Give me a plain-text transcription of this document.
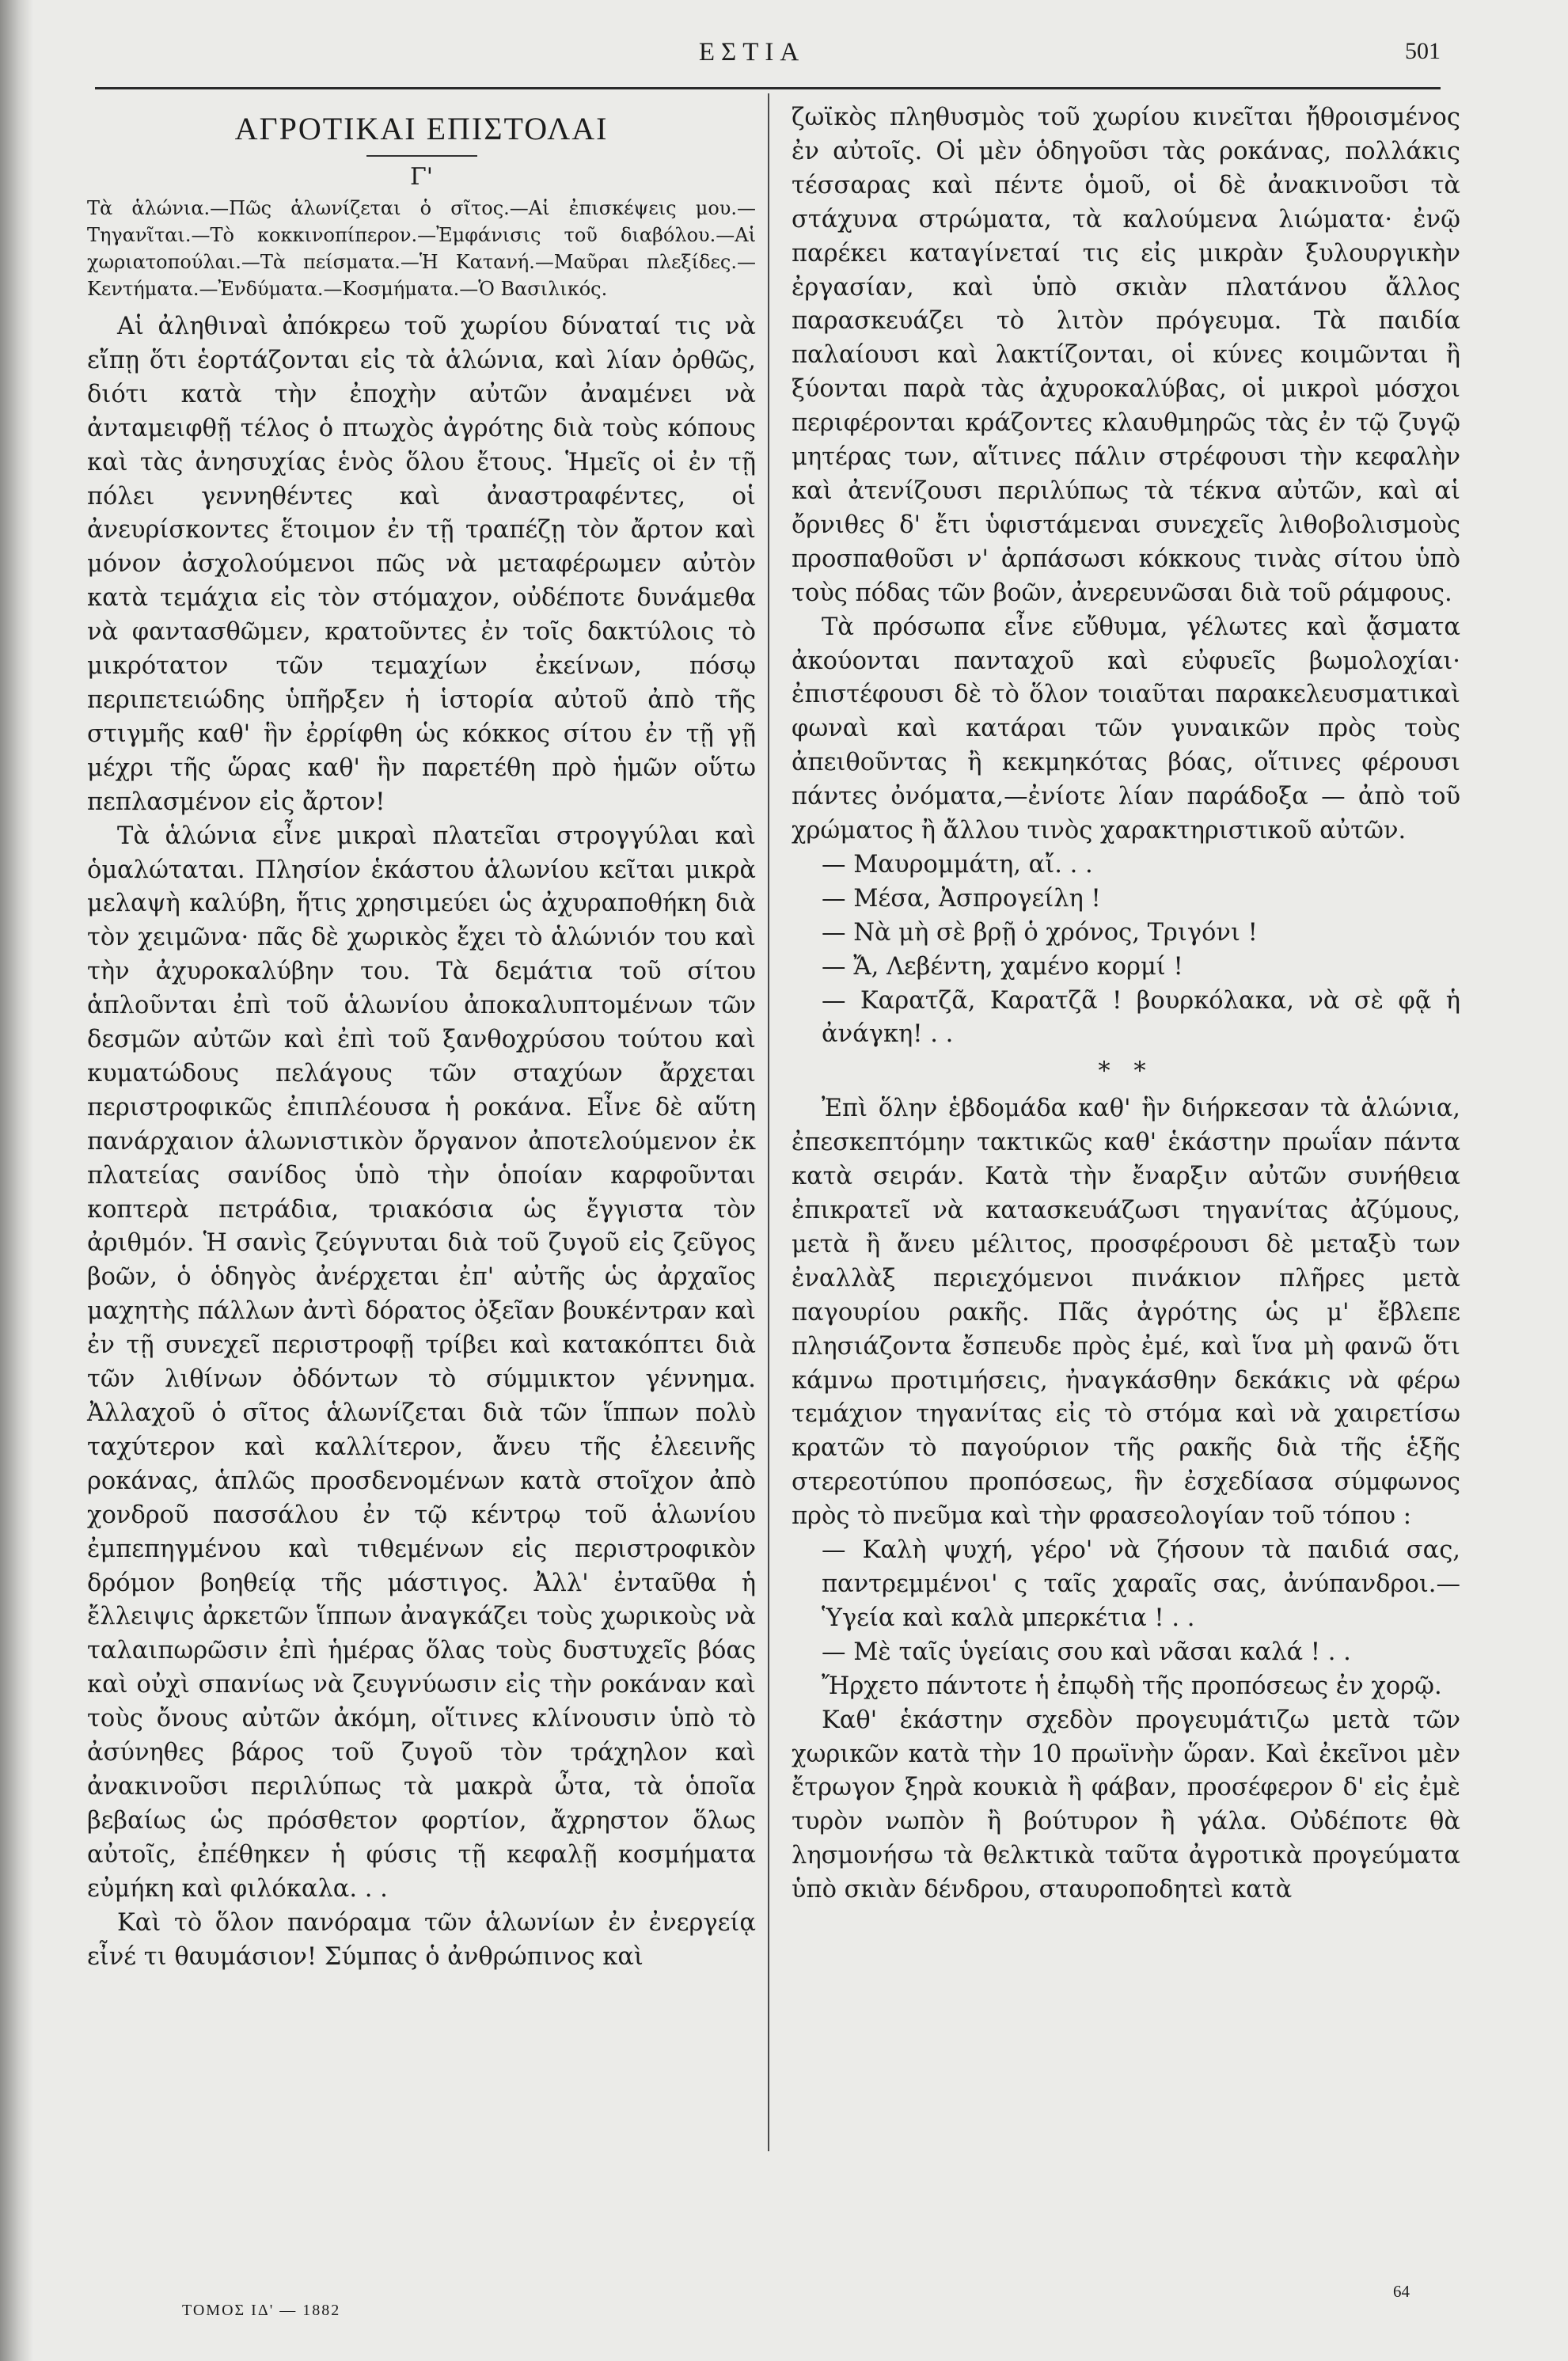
ΕΣΤΙΑ	501
ΑΓΡΟΤΙΚΑΙ ΕΠΙΣΤΟΛΑΙ
Γ'
Τὰ ἁλώνια.—Πῶς ἁλωνίζεται ὁ σῖτος.—Αἱ ἐπισκέψεις μου.—Τηγανῖται.—Τὸ κοκκινοπίπερον.—Ἐμφάνισις τοῦ διαβόλου.—Αἱ χωριατοπούλαι.—Τὰ πείσματα.—Ἡ Κατανή.—Μαῦραι πλεξίδες.—Κεντήματα.—Ἐνδύματα.—Κοσμήματα.—Ὁ Βασιλικός.

Αἱ ἀληθιναὶ ἀπόκρεω τοῦ χωρίου δύναταί τις νὰ εἴπῃ ὅτι ἑορτάζονται εἰς τὰ ἁλώνια, καὶ λίαν ὀρθῶς, διότι κατὰ τὴν ἐποχὴν αὐτῶν ἀναμένει νὰ ἀνταμειφθῇ τέλος ὁ πτωχὸς ἀγρότης διὰ τοὺς κόπους καὶ τὰς ἀνησυχίας ἑνὸς ὅλου ἔτους. Ἡμεῖς οἱ ἐν τῇ πόλει γεννηθέντες καὶ ἀναστραφέντες, οἱ ἀνευρίσκοντες ἕτοιμον ἐν τῇ τραπέζῃ τὸν ἄρτον καὶ μόνον ἀσχολούμενοι πῶς νὰ μεταφέρωμεν αὐτὸν κατὰ τεμάχια εἰς τὸν στόμαχον, οὐδέποτε δυνάμεθα νὰ φαντασθῶμεν, κρατοῦντες ἐν τοῖς δακτύλοις τὸ μικρότατον τῶν τεμαχίων ἐκείνων, πόσῳ περιπετειώδης ὑπῆρξεν ἡ ἱστορία αὐτοῦ ἀπὸ τῆς στιγμῆς καθ' ἣν ἐρρίφθη ὡς κόκκος σίτου ἐν τῇ γῇ μέχρι τῆς ὥρας καθ' ἣν παρετέθη πρὸ ἡμῶν οὕτω πεπλασμένον εἰς ἄρτον!

Τὰ ἁλώνια εἶνε μικραὶ πλατεῖαι στρογγύλαι καὶ ὁμαλώταται. Πλησίον ἑκάστου ἁλωνίου κεῖται μικρὰ μελαψὴ καλύβη, ἥτις χρησιμεύει ὡς ἀχυραποθήκη διὰ τὸν χειμῶνα· πᾶς δὲ χωρικὸς ἔχει τὸ ἁλώνιόν του καὶ τὴν ἀχυροκαλύβην του. Τὰ δεμάτια τοῦ σίτου ἁπλοῦνται ἐπὶ τοῦ ἁλωνίου ἀποκαλυπτομένων τῶν δεσμῶν αὐτῶν καὶ ἐπὶ τοῦ ξανθοχρύσου τούτου καὶ κυματώδους πελάγους τῶν σταχύων ἄρχεται περιστροφικῶς ἐπιπλέουσα ἡ ροκάνα. Εἶνε δὲ αὕτη πανάρχαιον ἁλωνιστικὸν ὄργανον ἀποτελούμενον ἐκ πλατείας σανίδος ὑπὸ τὴν ὁποίαν καρφοῦνται κοπτερὰ πετράδια, τριακόσια ὡς ἔγγιστα τὸν ἀριθμόν. Ἡ σανὶς ζεύγνυται διὰ τοῦ ζυγοῦ εἰς ζεῦγος βοῶν, ὁ ὁδηγὸς ἀνέρχεται ἐπ' αὐτῆς ὡς ἀρχαῖος μαχητὴς πάλλων ἀντὶ δόρατος ὀξεῖαν βουκέντραν καὶ ἐν τῇ συνεχεῖ περιστροφῇ τρίβει καὶ κατακόπτει διὰ τῶν λιθίνων ὀδόντων τὸ σύμμικτον γέννημα. Ἀλλαχοῦ ὁ σῖτος ἁλωνίζεται διὰ τῶν ἵππων πολὺ ταχύτερον καὶ καλλίτερον, ἄνευ τῆς ἐλεεινῆς ροκάνας, ἁπλῶς προσδενομένων κατὰ στοῖχον ἀπὸ χονδροῦ πασσάλου ἐν τῷ κέντρῳ τοῦ ἁλωνίου ἐμπεπηγμένου καὶ τιθεμένων εἰς περιστροφικὸν δρόμον βοηθείᾳ τῆς μάστιγος. Ἀλλ' ἐνταῦθα ἡ ἔλλειψις ἀρκετῶν ἵππων ἀναγκάζει τοὺς χωρικοὺς νὰ ταλαιπωρῶσιν ἐπὶ ἡμέρας ὅλας τοὺς δυστυχεῖς βόας καὶ οὐχὶ σπανίως νὰ ζευγνύωσιν εἰς τὴν ροκάναν καὶ τοὺς ὄνους αὐτῶν ἀκόμη, οἵτινες κλίνουσιν ὑπὸ τὸ ἀσύνηθες βάρος τοῦ ζυγοῦ τὸν τράχηλον καὶ ἀνακινοῦσι περιλύπως τὰ μακρὰ ὦτα, τὰ ὁποῖα βεβαίως ὡς πρόσθετον φορτίον, ἄχρηστον ὅλως αὐτοῖς, ἐπέθηκεν ἡ φύσις τῇ κεφαλῇ κοσμήματα εὐμήκη καὶ φιλόκαλα. . .

Καὶ τὸ ὅλον πανόραμα τῶν ἁλωνίων ἐν ἐνεργείᾳ εἶνέ τι θαυμάσιον! Σύμπας ὁ ἀνθρώπινος καὶ

ζωϊκὸς πληθυσμὸς τοῦ χωρίου κινεῖται ἤθροισμένος ἐν αὐτοῖς. Οἱ μὲν ὁδηγοῦσι τὰς ροκάνας, πολλάκις τέσσαρας καὶ πέντε ὁμοῦ, οἱ δὲ ἀνακινοῦσι τὰ στάχυνα στρώματα, τὰ καλούμενα λιώματα· ἐνῷ παρέκει καταγίνεταί τις εἰς μικρὰν ξυλουργικὴν ἐργασίαν, καὶ ὑπὸ σκιὰν πλατάνου ἄλλος παρασκευάζει τὸ λιτὸν πρόγευμα. Τὰ παιδία παλαίουσι καὶ λακτίζονται, οἱ κύνες κοιμῶνται ἢ ξύονται παρὰ τὰς ἀχυροκαλύβας, οἱ μικροὶ μόσχοι περιφέρονται κράζοντες κλαυθμηρῶς τὰς ἐν τῷ ζυγῷ μητέρας των, αἵτινες πάλιν στρέφουσι τὴν κεφαλὴν καὶ ἀτενίζουσι περιλύπως τὰ τέκνα αὐτῶν, καὶ αἱ ὄρνιθες δ' ἔτι ὑφιστάμεναι συνεχεῖς λιθοβολισμοὺς προσπαθοῦσι ν' ἁρπάσωσι κόκκους τινὰς σίτου ὑπὸ τοὺς πόδας τῶν βοῶν, ἀνερευνῶσαι διὰ τοῦ ράμφους.

Τὰ πρόσωπα εἶνε εὔθυμα, γέλωτες καὶ ᾄσματα ἀκούονται πανταχοῦ καὶ εὐφυεῖς βωμολοχίαι· ἐπιστέφουσι δὲ τὸ ὅλον τοιαῦται παρακελευσματικαὶ φωναὶ καὶ κατάραι τῶν γυναικῶν πρὸς τοὺς ἀπειθοῦντας ἢ κεκμηκότας βόας, οἵτινες φέρουσι πάντες ὀνόματα,—ἐνίοτε λίαν παράδοξα — ἀπὸ τοῦ χρώματος ἢ ἄλλου τινὸς χαρακτηριστικοῦ αὐτῶν.

— Μαυρομμάτη, αἴ. . .

— Μέσα, Ἀσπρογείλη !

— Νὰ μὴ σὲ βρῇ ὁ χρόνος, Τριγόνι !

— Ἄ, Λεβέντη, χαμένο κορμί !

— Καρατζᾶ, Καρατζᾶ ! βουρκόλακα, νὰ σὲ φᾷ ἡ ἀνάγκη! . .

* *

Ἐπὶ ὅλην ἑβδομάδα καθ' ἣν διήρκεσαν τὰ ἁλώνια, ἐπεσκεπτόμην τακτικῶς καθ' ἑκάστην πρωΐαν πάντα κατὰ σειράν. Κατὰ τὴν ἔναρξιν αὐτῶν συνήθεια ἐπικρατεῖ νὰ κατασκευάζωσι τηγανίτας ἀζύμους, μετὰ ἢ ἄνευ μέλιτος, προσφέρουσι δὲ μεταξὺ των ἐναλλὰξ περιεχόμενοι πινάκιον πλῆρες μετὰ παγουρίου ρακῆς. Πᾶς ἀγρότης ὡς μ' ἔβλεπε πλησιάζοντα ἔσπευδε πρὸς ἐμέ, καὶ ἵνα μὴ φανῶ ὅτι κάμνω προτιμήσεις, ἠναγκάσθην δεκάκις νὰ φέρω τεμάχιον τηγανίτας εἰς τὸ στόμα καὶ νὰ χαιρετίσω κρατῶν τὸ παγούριον τῆς ρακῆς διὰ τῆς ἑξῆς στερεοτύπου προπόσεως, ἣν ἐσχεδίασα σύμφωνος πρὸς τὸ πνεῦμα καὶ τὴν φρασεολογίαν τοῦ τόπου :

— Καλὴ ψυχή, γέρο' νὰ ζήσουν τὰ παιδιά σας, παντρεμμένοι' ς ταῖς χαραῖς σας, ἀνύπανδροι.—Ὑγεία καὶ καλὰ μπερκέτια ! . .

— Μὲ ταῖς ὑγείαις σου καὶ νᾶσαι καλά ! . .

Ἤρχετο πάντοτε ἡ ἐπῳδὴ τῆς προπόσεως ἐν χορῷ.

Καθ' ἑκάστην σχεδὸν προγευμάτιζω μετὰ τῶν χωρικῶν κατὰ τὴν 10 πρωϊνὴν ὥραν. Καὶ ἐκεῖνοι μὲν ἔτρωγον ξηρὰ κουκιὰ ἢ φάβαν, προσέφερον δ' εἰς ἐμὲ τυρὸν νωπὸν ἢ βούτυρον ἢ γάλα. Οὐδέποτε θὰ λησμονήσω τὰ θελκτικὰ ταῦτα ἀγροτικὰ προγεύματα ὑπὸ σκιὰν δένδρου, σταυροποδητεὶ κατὰ

ΤΟΜΟΣ ΙΔ' — 1882
64
